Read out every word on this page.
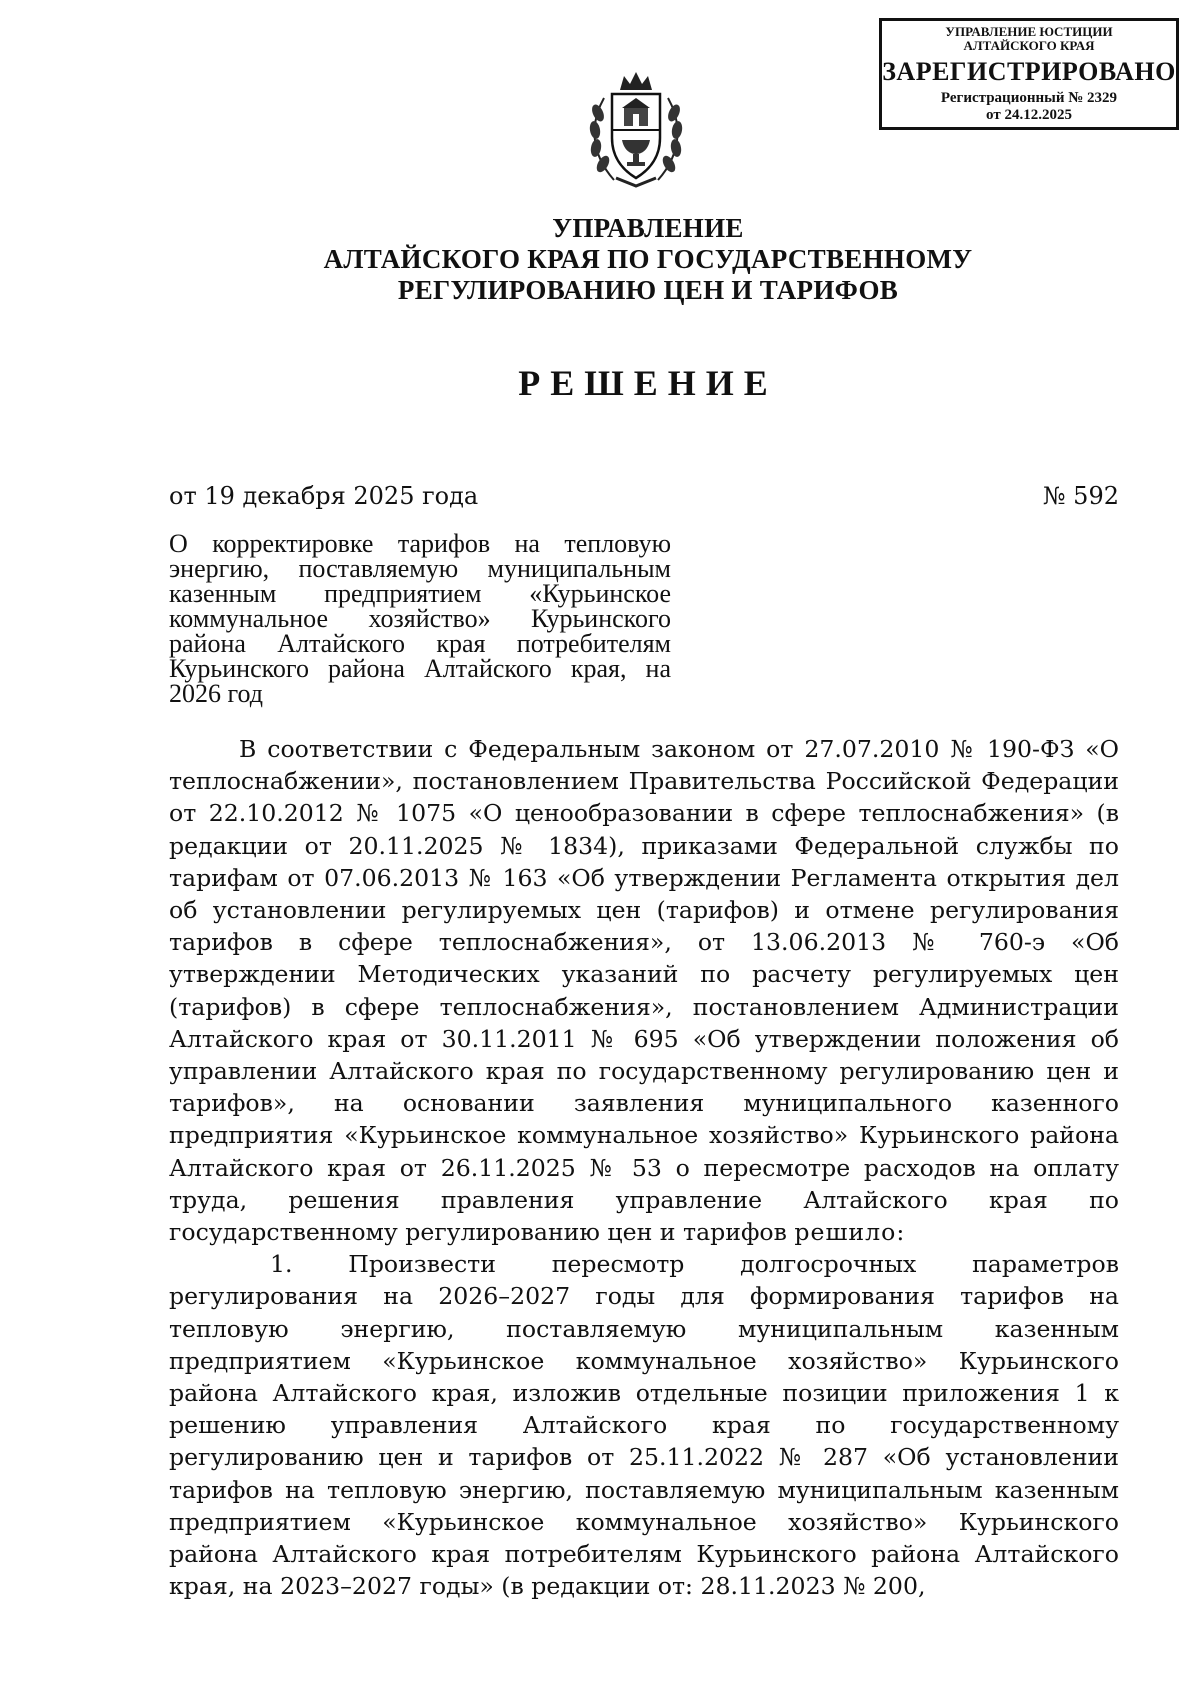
УПРАВЛЕНИЕ ЮСТИЦИИ
АЛТАЙСКОГО КРАЯ
ЗАРЕГИСТРИРОВАНО
Регистрационный № 2329
от 24.12.2025
УПРАВЛЕНИЕ
АЛТАЙСКОГО КРАЯ ПО ГОСУДАРСТВЕННОМУ
РЕГУЛИРОВАНИЮ ЦЕН И ТАРИФОВ
РЕШЕНИЕ
от 19 декабря 2025 года	№ 592
О корректировке тарифов на тепловую энергию, поставляемую муниципальным казенным предприятием «Курьинское коммунальное хозяйство» Курьинского района Алтайского края потребителям Курьинского района Алтайского края, на 2026 год

В соответствии с Федеральным законом от 27.07.2010 № 190-ФЗ «О теплоснабжении», постановлением Правительства Российской Федерации от 22.10.2012 № 1075 «О ценообразовании в сфере теплоснабжения» (в редакции от 20.11.2025 № 1834), приказами Федеральной службы по тарифам от 07.06.2013 № 163 «Об утверждении Регламента открытия дел об установлении регулируемых цен (тарифов) и отмене регулирования тарифов в сфере теплоснабжения», от 13.06.2013 № 760-э «Об утверждении Методических указаний по расчету регулируемых цен (тарифов) в сфере теплоснабжения», постановлением Администрации Алтайского края от 30.11.2011 № 695 «Об утверждении положения об управлении Алтайского края по государственному регулированию цен и тарифов», на основании заявления муниципального казенного предприятия «Курьинское коммунальное хозяйство» Курьинского района Алтайского края от 26.11.2025 № 53 о пересмотре расходов на оплату труда, решения правления управление Алтайского края по государственному регулированию цен и тарифов решило:

1. Произвести пересмотр долгосрочных параметров регулирования на 2026–2027 годы для формирования тарифов на тепловую энергию, поставляемую муниципальным казенным предприятием «Курьинское коммунальное хозяйство» Курьинского района Алтайского края, изложив отдельные позиции приложения 1 к решению управления Алтайского края по государственному регулированию цен и тарифов от 25.11.2022 № 287 «Об установлении тарифов на тепловую энергию, поставляемую муниципальным казенным предприятием «Курьинское коммунальное хозяйство» Курьинского района Алтайского края потребителям Курьинского района Алтайского края, на 2023–2027 годы» (в редакции от: 28.11.2023 № 200,
